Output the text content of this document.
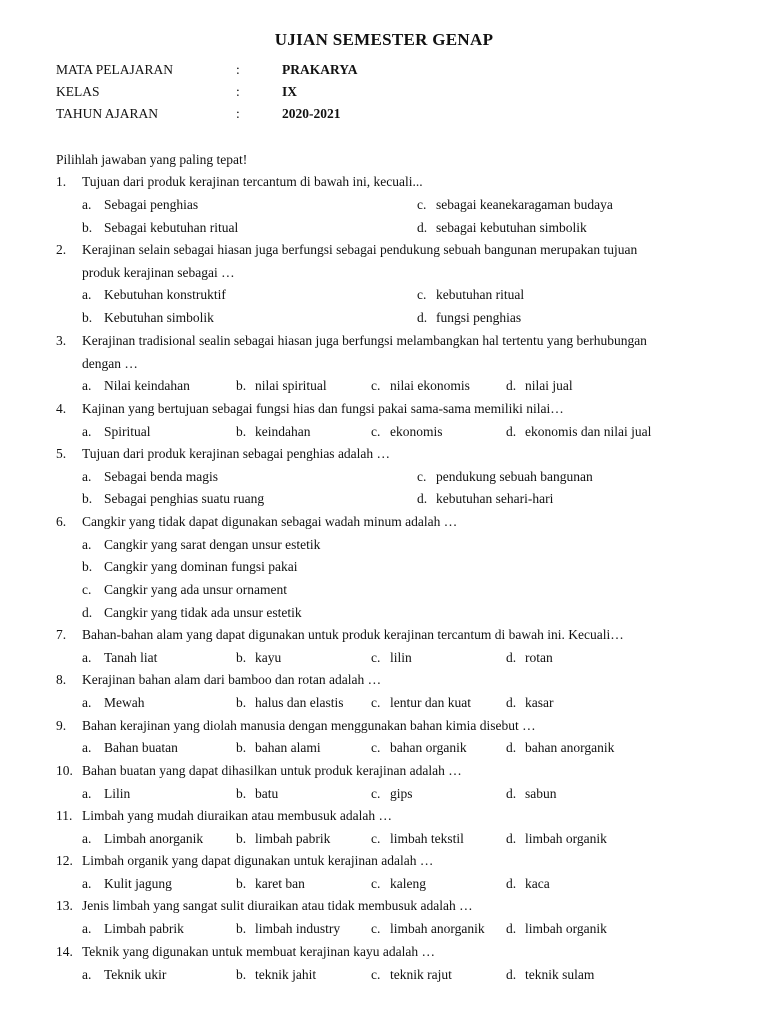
UJIAN SEMESTER GENAP
MATA PELAJARAN	:	PRAKARYA
KELAS	:	IX
TAHUN AJARAN	:	2020-2021
Pilihlah jawaban yang paling tepat!
1. Tujuan dari produk kerajinan tercantum di bawah ini, kecuali...
a. Sebagai penghias	c. sebagai keanekaragaman budaya
b. Sebagai kebutuhan ritual	d. sebagai kebutuhan simbolik
2. Kerajinan selain sebagai hiasan juga berfungsi sebagai pendukung sebuah bangunan merupakan tujuan
produk kerajinan sebagai …
a. Kebutuhan konstruktif	c. kebutuhan ritual
b. Kebutuhan simbolik	d. fungsi penghias
3. Kerajinan tradisional sealin sebagai hiasan juga berfungsi melambangkan hal tertentu yang berhubungan
dengan …
a. Nilai keindahan	b. nilai spiritual	c. nilai ekonomis	d. nilai jual
4. Kajinan yang bertujuan sebagai fungsi hias dan fungsi pakai sama-sama memiliki nilai…
a. Spiritual	b. keindahan	c. ekonomis	d. ekonomis dan nilai jual
5. Tujuan dari produk kerajinan sebagai penghias adalah …
a. Sebagai benda magis	c. pendukung sebuah bangunan
b. Sebagai penghias suatu ruang	d. kebutuhan sehari-hari
6. Cangkir yang tidak dapat digunakan sebagai wadah minum adalah …
a. Cangkir yang sarat dengan unsur estetik
b. Cangkir yang dominan fungsi pakai
c. Cangkir yang ada unsur ornament
d. Cangkir yang tidak ada unsur estetik
7. Bahan-bahan alam yang dapat digunakan untuk produk kerajinan tercantum di bawah ini. Kecuali…
a. Tanah liat	b. kayu	c. lilin	d. rotan
8. Kerajinan bahan alam dari bamboo dan rotan adalah …
a. Mewah	b. halus dan elastis c. lentur dan kuat	d. kasar
9. Bahan kerajinan yang diolah manusia dengan menggunakan bahan kimia disebut …
a. Bahan buatan	b. bahan alami	c. bahan organik	d. bahan anorganik
10. Bahan buatan yang dapat dihasilkan untuk produk kerajinan adalah …
a. Lilin	b. batu	c. gips	d. sabun
11. Limbah yang mudah diuraikan atau membusuk adalah …
a. Limbah anorganik b. limbah pabrik	c. limbah tekstil	d. limbah organik
12. Limbah organik yang dapat digunakan untuk kerajinan adalah …
a. Kulit jagung	b. karet ban	c. kaleng	d. kaca
13. Jenis limbah yang sangat sulit diuraikan atau tidak membusuk adalah …
a. Limbah pabrik	b. limbah industry c. limbah anorganik d. limbah organik
14. Teknik yang digunakan untuk membuat kerajinan kayu adalah …
a. Teknik ukir	b. teknik jahit	c. teknik rajut	d. teknik sulam
